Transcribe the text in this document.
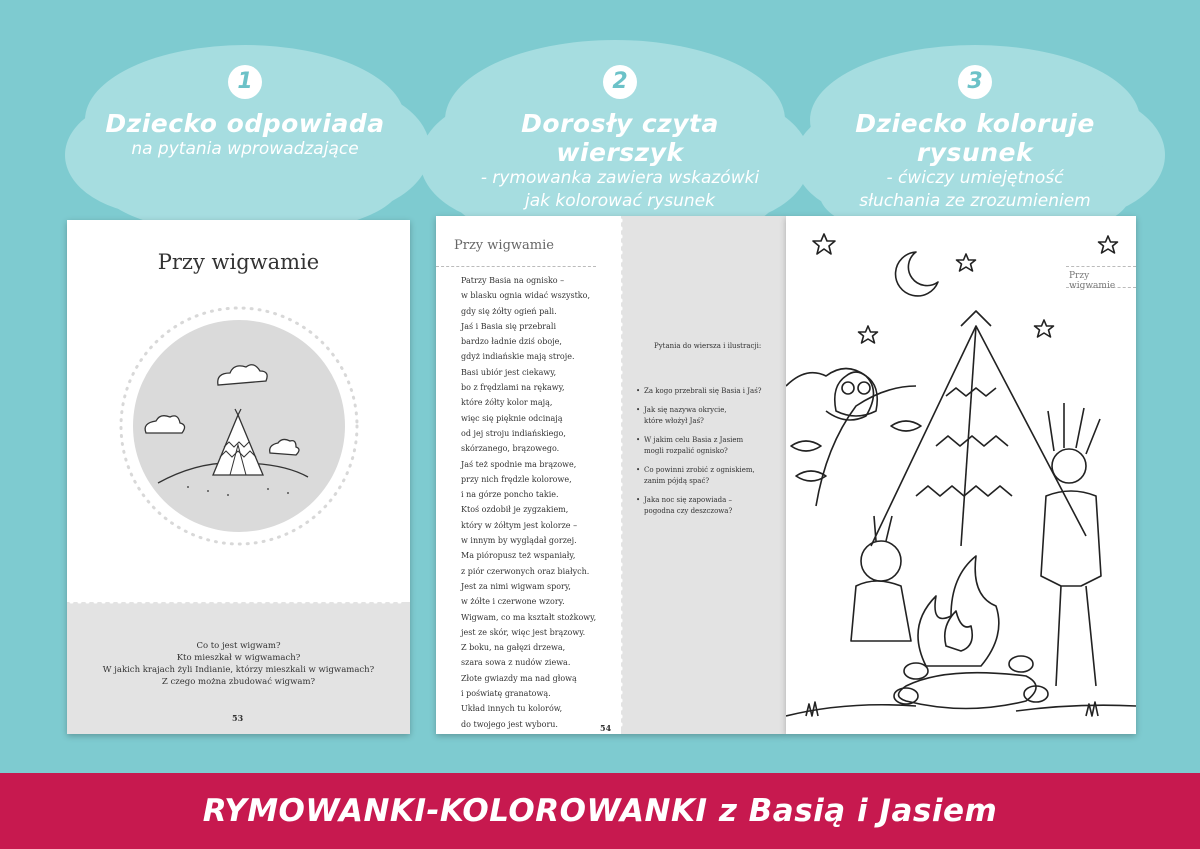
1
Dziecko odpowiada
na pytania wprowadzające
2
Dorosły czyta wierszyk
- rymowanka zawiera wskazówki
jak kolorować rysunek
3
Dziecko koloruje rysunek
- ćwiczy umiejętność
słuchania ze zrozumieniem
Przy wigwamie
Co to jest wigwam?
Kto mieszkał w wigwamach?
W jakich krajach żyli Indianie, którzy mieszkali w wigwamach?
Z czego można zbudować wigwam?
53
Przy wigwamie
Patrzy Basia na ognisko –
w blasku ognia widać wszystko,
gdy się żółty ogień pali.
Jaś i Basia się przebrali
bardzo ładnie dziś oboje,
gdyż indiańskie mają stroje.
Basi ubiór jest ciekawy,
bo z frędzlami na rękawy,
które żółty kolor mają,
więc się pięknie odcinają
od jej stroju indiańskiego,
skórzanego, brązowego.
Jaś też spodnie ma brązowe,
przy nich frędzle kolorowe,
i na górze poncho takie.
Ktoś ozdobił je zygzakiem,
który w żółtym jest kolorze –
w innym by wyglądał gorzej.
Ma pióropusz też wspaniały,
z piór czerwonych oraz białych.
Jest za nimi wigwam spory,
w żółte i czerwone wzory.
Wigwam, co ma kształt stożkowy,
jest ze skór, więc jest brązowy.
Z boku, na gałęzi drzewa,
szara sowa z nudów ziewa.
Złote gwiazdy ma nad głową
i poświatę granatową.
Układ innych tu kolorów,
do twojego jest wyboru.
Pytania do wiersza i ilustracji:
• Za kogo przebrali się Basia i Jaś?
• Jak się nazywa okrycie,
które włożył Jaś?
• W jakim celu Basia z Jasiem
mogli rozpalić ognisko?
• Co powinni zrobić z ogniskiem,
zanim pójdą spać?
• Jaka noc się zapowiada –
pogodna czy deszczowa?
54
Przy wigwamie
RYMOWANKI-KOLOROWANKI z Basią i Jasiem
